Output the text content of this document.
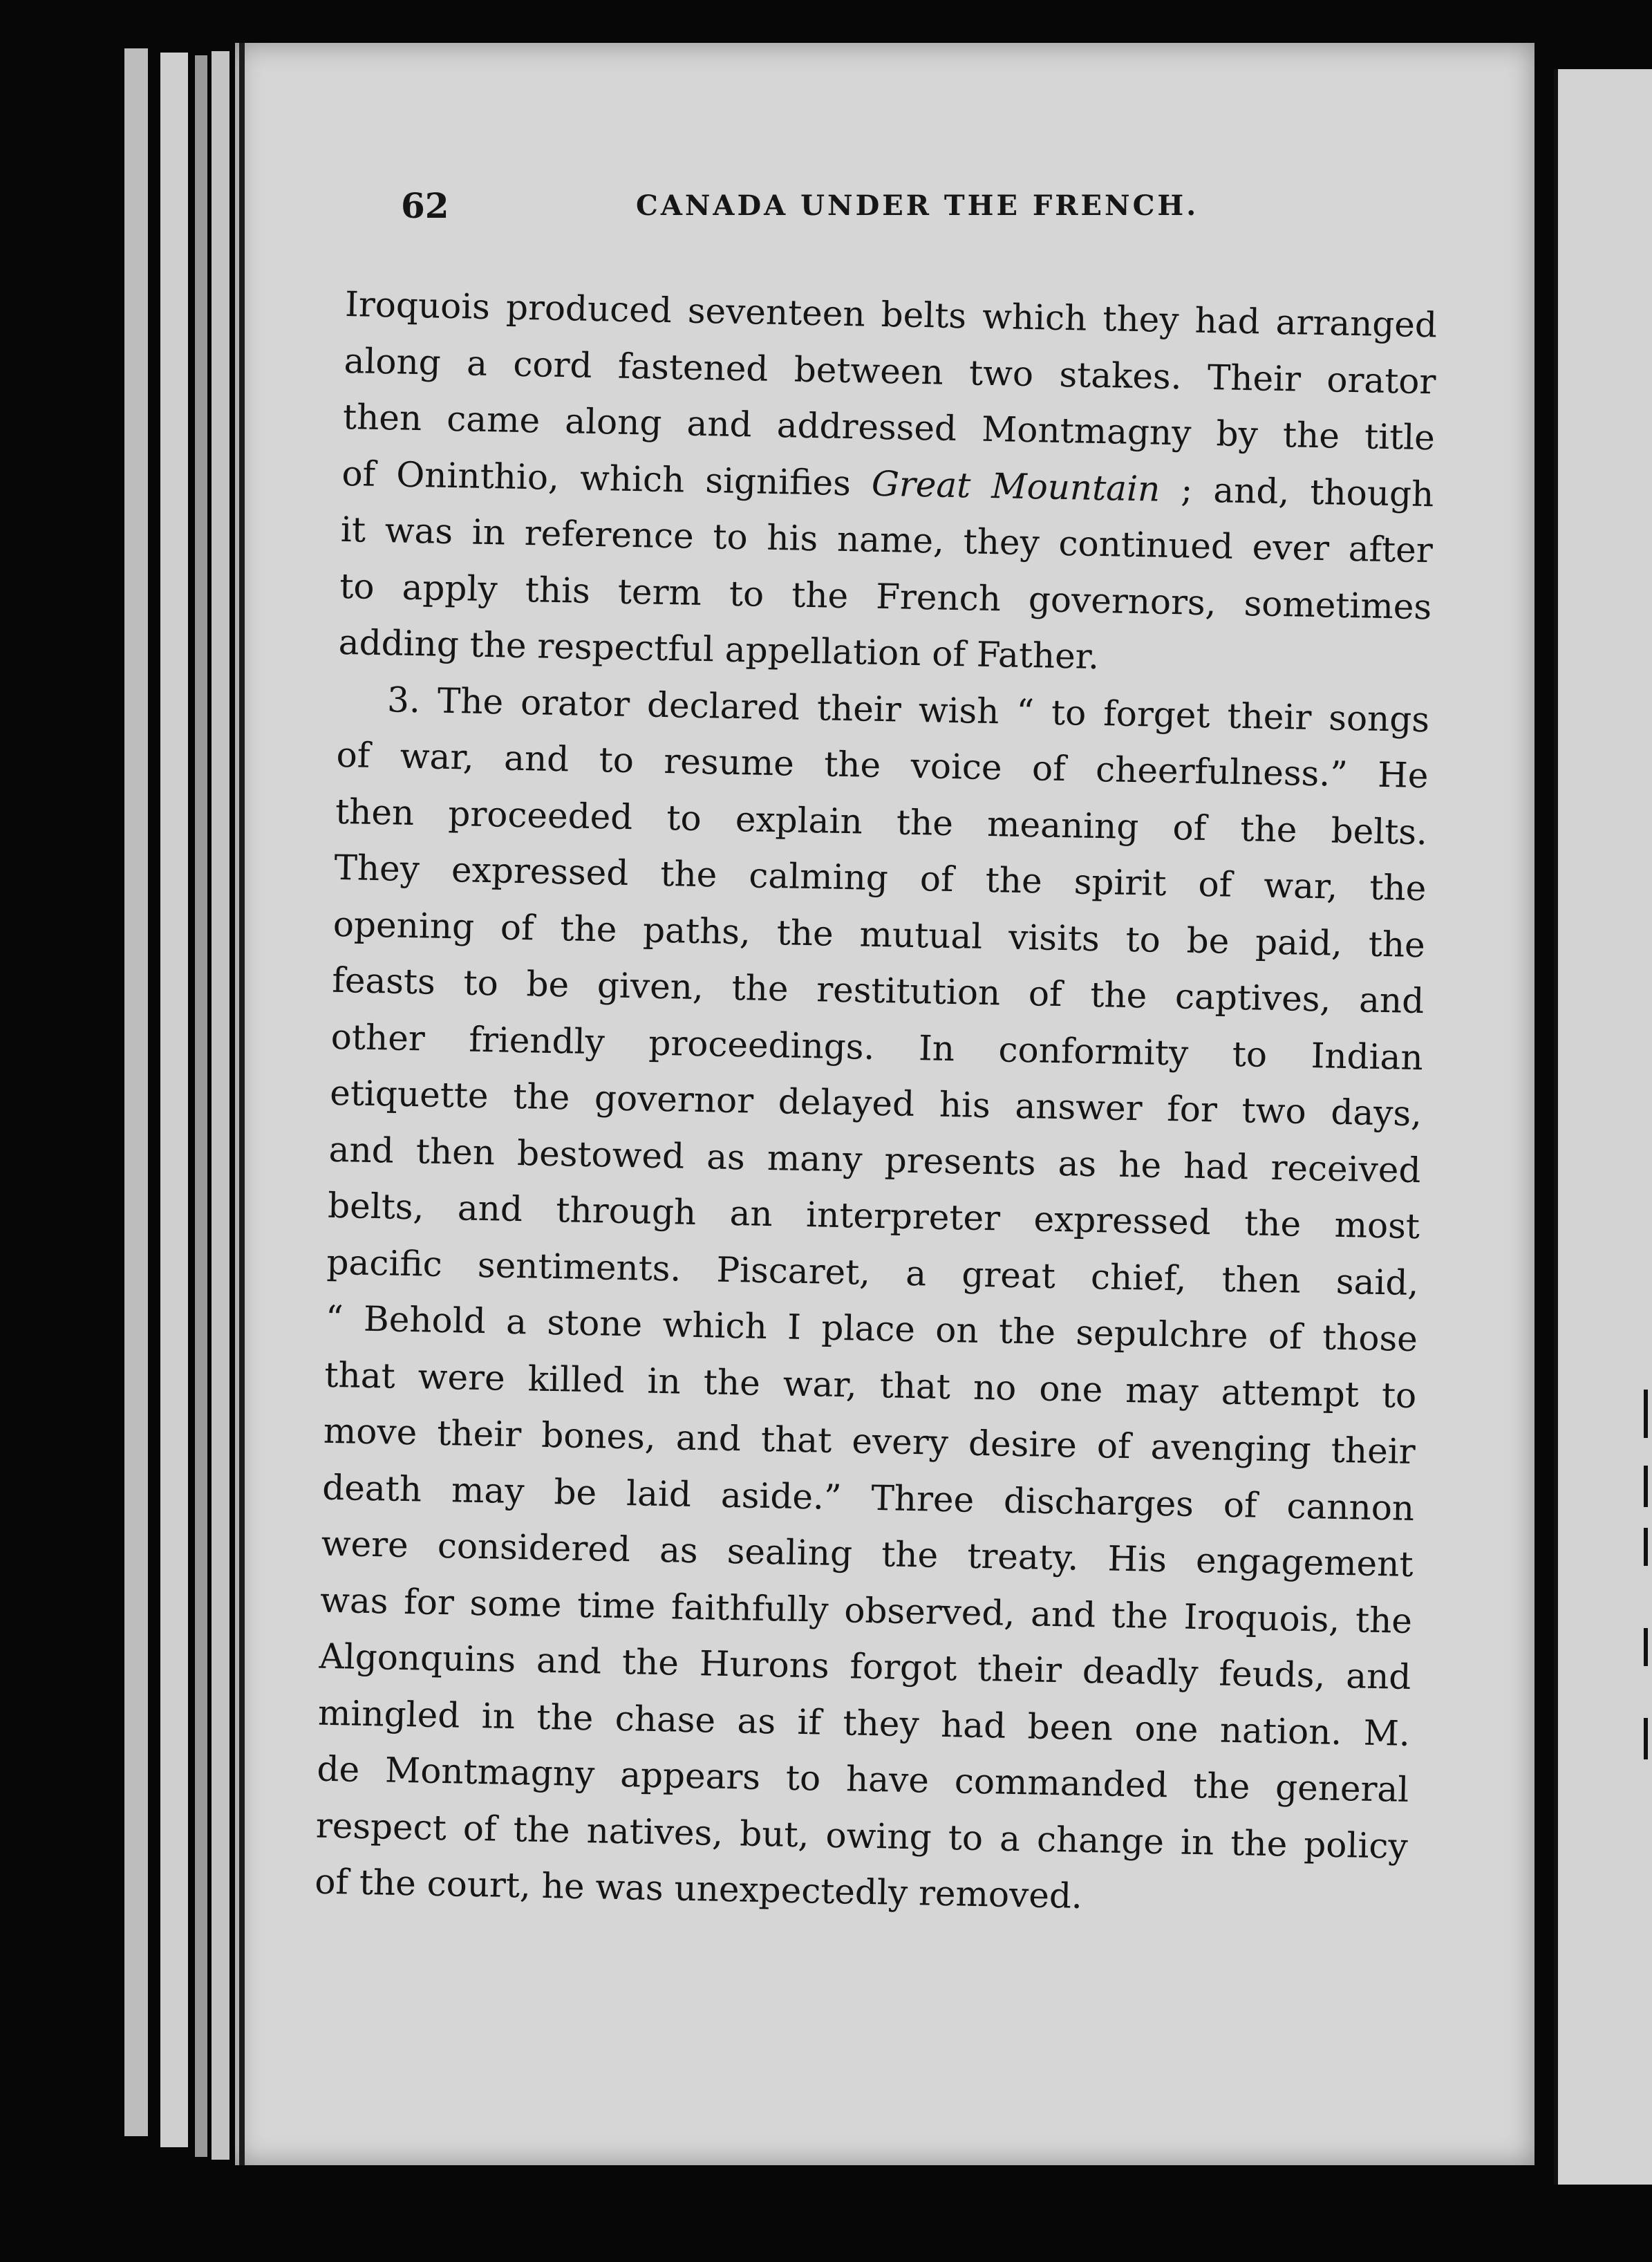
62	CANADA UNDER THE FRENCH.
Iroquois produced seventeen belts which they had arranged
along a cord fastened between two stakes. Their orator
then came along and addressed Montmagny by the title
of Oninthio, which signifies Great Mountain ; and, though
it was in reference to his name, they continued ever after
to apply this term to the French governors, sometimes
adding the respectful appellation of Father.
3. The orator declared their wish “ to forget their songs
of war, and to resume the voice of cheerfulness.” He
then proceeded to explain the meaning of the belts.
They expressed the calming of the spirit of war, the
opening of the paths, the mutual visits to be paid, the
feasts to be given, the restitution of the captives, and
other friendly proceedings. In conformity to Indian
etiquette the governor delayed his answer for two days,
and then bestowed as many presents as he had received
belts, and through an interpreter expressed the most
pacific sentiments. Piscaret, a great chief, then said,
“ Behold a stone which I place on the sepulchre of those
that were killed in the war, that no one may attempt to
move their bones, and that every desire of avenging their
death may be laid aside.” Three discharges of cannon
were considered as sealing the treaty. His engagement
was for some time faithfully observed, and the Iroquois, the
Algonquins and the Hurons forgot their deadly feuds, and
mingled in the chase as if they had been one nation. M.
de Montmagny appears to have commanded the general
respect of the natives, but, owing to a change in the policy
of the court, he was unexpectedly removed.
